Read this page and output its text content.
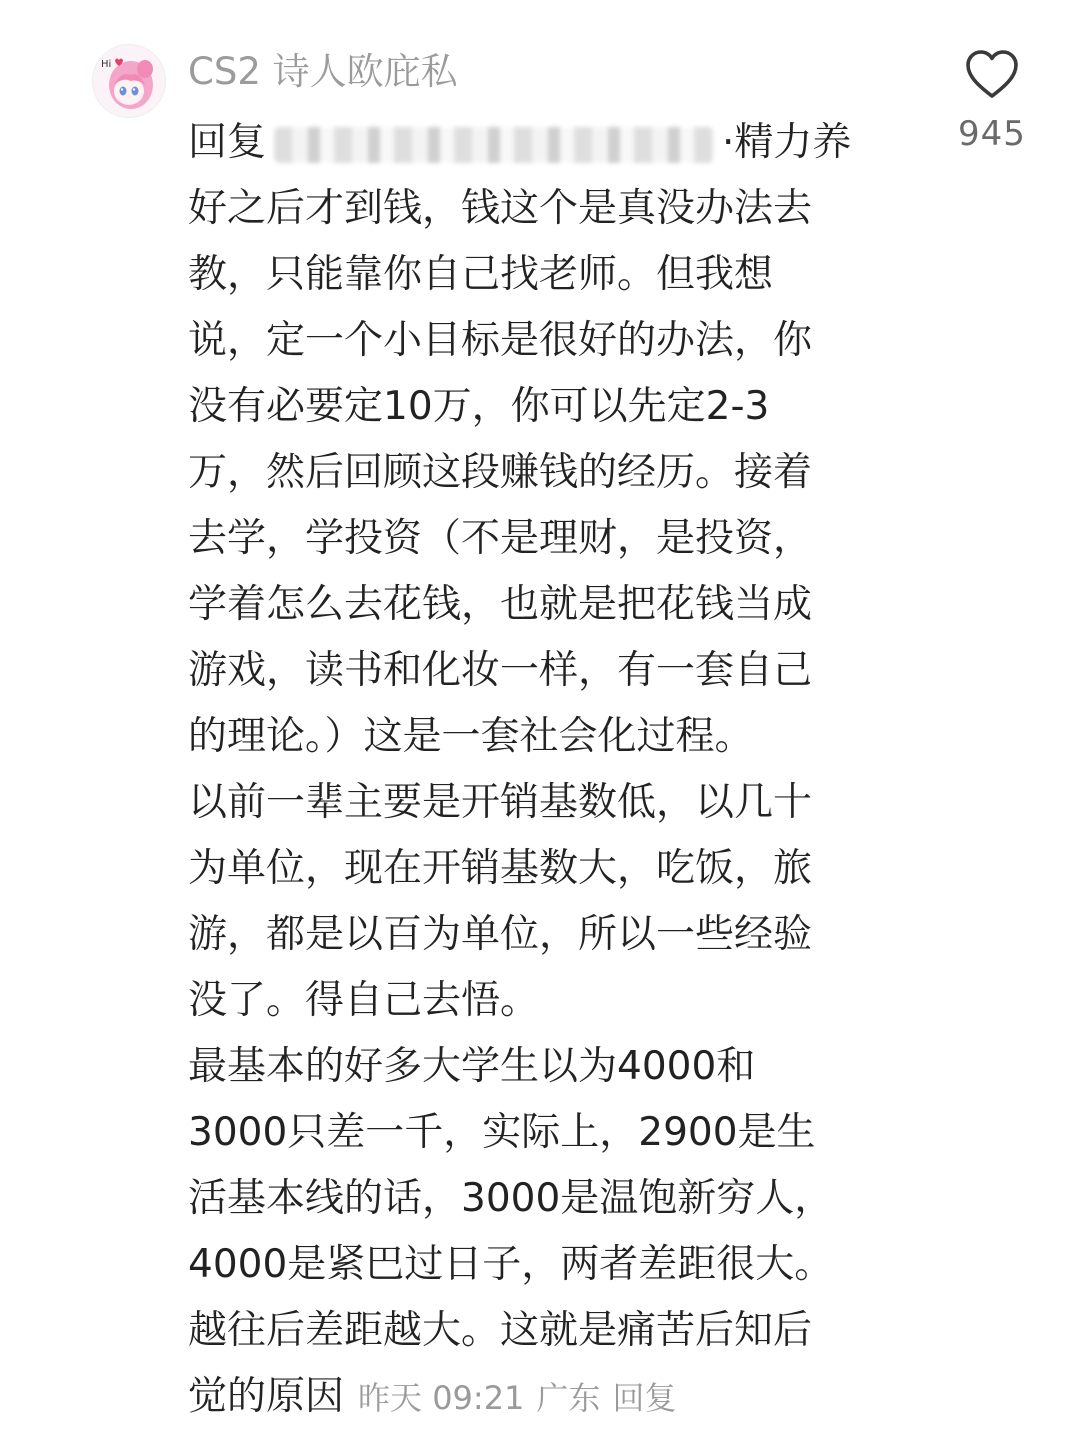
Hi CS2 诗人欧庇私
945
回复	·精力养
好之后才到钱，钱这个是真没办法去
教，只能靠你自己找老师。但我想
说，定一个小目标是很好的办法，你
没有必要定10万，你可以先定2-3
万，然后回顾这段赚钱的经历。接着
去学，学投资（不是理财，是投资，
学着怎么去花钱，也就是把花钱当成
游戏，读书和化妆一样，有一套自己
的理论。）这是一套社会化过程。
以前一辈主要是开销基数低，以几十
为单位，现在开销基数大，吃饭，旅
游，都是以百为单位，所以一些经验
没了。得自己去悟。
最基本的好多大学生以为4000和
3000只差一千，实际上，2900是生
活基本线的话，3000是温饱新穷人，
4000是紧巴过日子，两者差距很大。
越往后差距越大。这就是痛苦后知后
觉的原因 昨天 09:21 广东 回复
